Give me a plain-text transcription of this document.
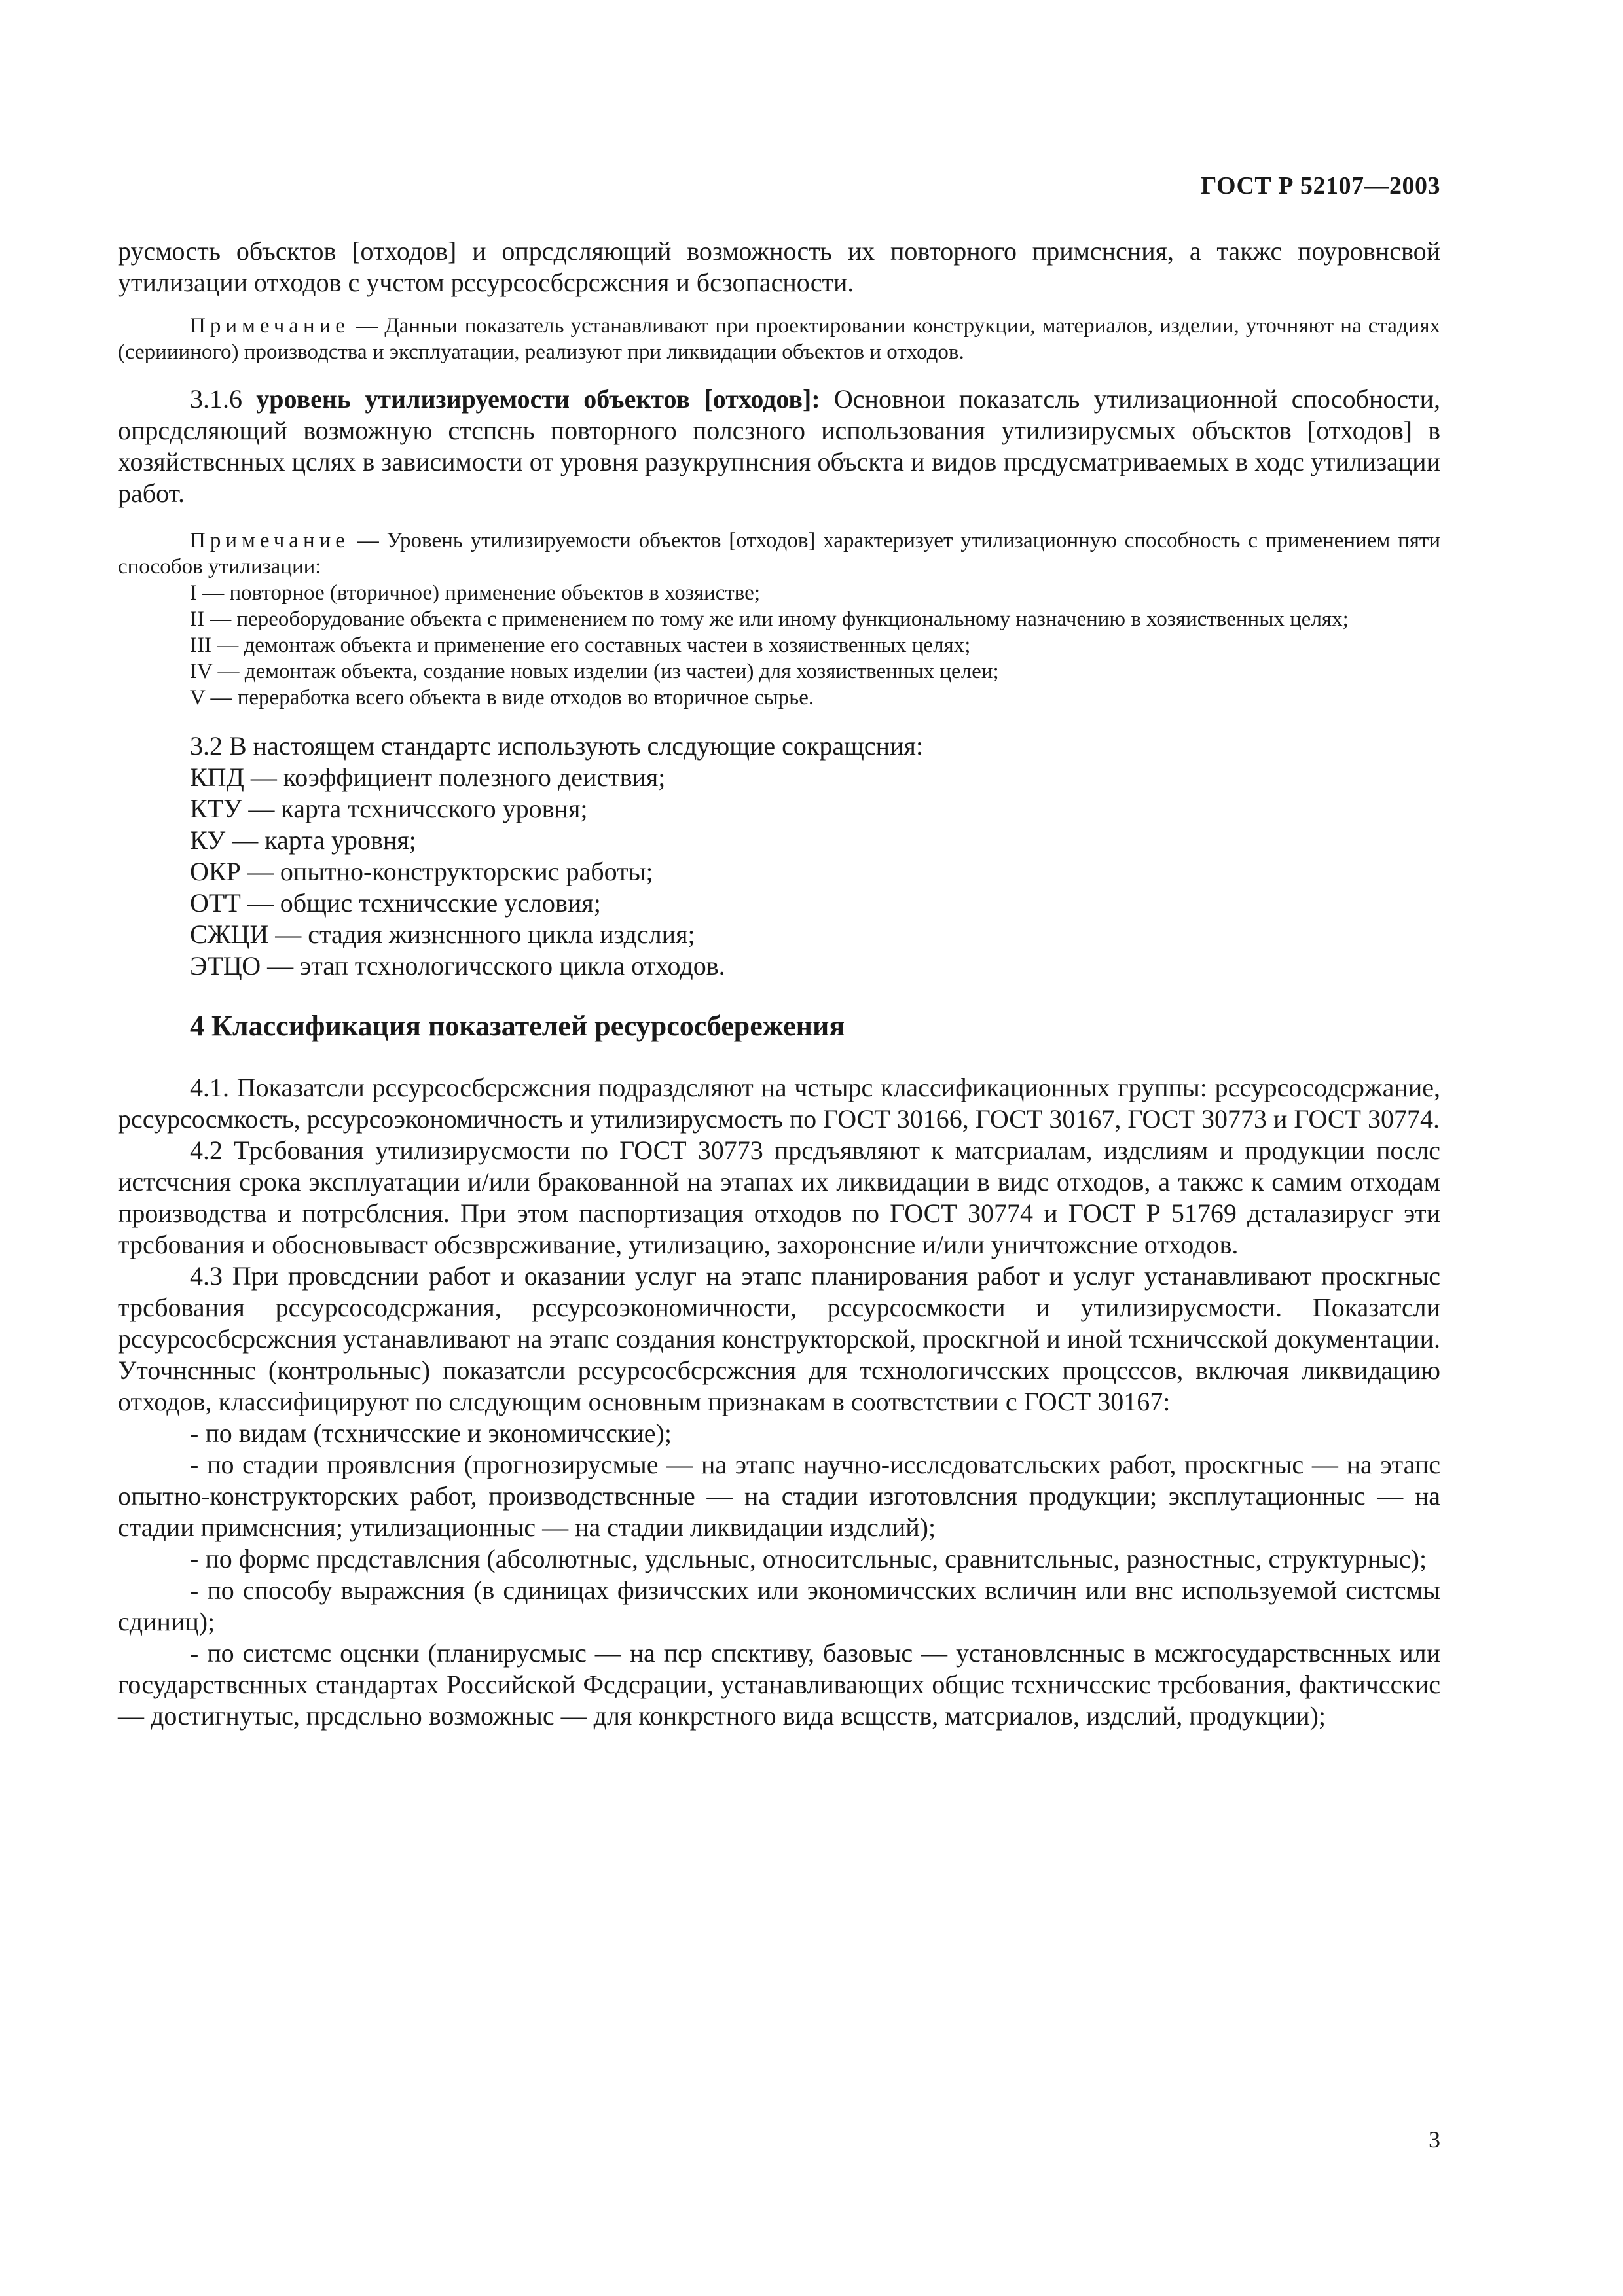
ГОСТ Р 52107—2003

русмость объсктов [отходов] и опрсдсляющий возможность их повторного примснсния, а такжс поуровнсвой утилизации отходов с учстом рссурсосбсрсжсния и бсзопасности.

Примечание — Данныи показатель устанавливают при проектировании конструкции, материалов, изделии, уточняют на стадиях (сериииного) производства и эксплуатации, реализуют при ликвидации объектов и отходов.

3.1.6 уровень утилизируемости объектов [отходов]: Основнои показатсль утилизационной способности, опрсдсляющий возможную стспснь повторного полсзного использования утилизирусмых объсктов [отходов] в хозяйствснных цслях в зависимости от уровня разукрупнсния объскта и видов прсдусматриваемых в ходс утилизации работ.

Примечание — Уровень утилизируемости объектов [отходов] характеризует утилизационную способность с применением пяти способов утилизации:

I — повторное (вторичное) применение объектов в хозяистве;

II — переоборудование объекта с применением по тому же или иному функциональному назначению в хозяиственных целях;

III — демонтаж объекта и применение его составных частеи в хозяиственных целях;

IV — демонтаж объекта, создание новых изделии (из частеи) для хозяиственных целеи;

V — переработка всего объекта в виде отходов во вторичное сырье.

3.2 В настоящем стандартс использують слсдующие сокращсния:

КПД — коэффициент полезного деиствия;

КТУ — карта тсхничсского уровня;

КУ — карта уровня;

ОКР — опытно-конструкторскис работы;

ОТТ — общис тсхничсские условия;

СЖЦИ — стадия жизнснного цикла издслия;

ЭТЦО — этап тсхнологичсского цикла отходов.

4 Классификация показателей ресурсосбережения

4.1. Показатсли рссурсосбсрсжсния подраздсляют на чстырс классификационных группы: рссурсосодсржание, рссурсосмкость, рссурсоэкономичность и утилизирусмость по ГОСТ 30166, ГОСТ 30167, ГОСТ 30773 и ГОСТ 30774.

4.2 Трсбования утилизирусмости по ГОСТ 30773 прсдъявляют к матсриалам, издслиям и продукции послс истсчсния срока эксплуатации и/или бракованной на этапах их ликвидации в видс отходов, а такжс к самим отходам производства и потрсблсния. При этом паспортизация отходов по ГОСТ 30774 и ГОСТ Р 51769 дсталазирусг эти трсбования и обосновываст обсзврсживание, утилизацию, захоронсние и/или уничтожсние отходов.

4.3 При провсдснии работ и оказании услуг на этапс планирования работ и услуг устанавливают проскгныс трсбования рссурсосодсржания, рссурсоэкономичности, рссурсосмкости и утилизирусмости. Показатсли рссурсосбсрсжсния устанавливают на этапс создания конструкторской, проскгной и иной тсхничсской документации. Уточнснныс (контрольныс) показатсли рссурсосбсрсжсния для тсхнологичсских процсссов, включая ликвидацию отходов, классифицируют по слсдующим основным признакам в соотвстствии с ГОСТ 30167:

- по видам (тсхничсские и экономичсские);

- по стадии проявлсния (прогнозирусмые — на этапс научно-исслсдоватсльских работ, проскгныс — на этапс опытно-конструкторских работ, производствснные — на стадии изготовлсния продукции; эксплутационныс — на стадии примснсния; утилизационныс — на стадии ликвидации издслий);

- по формс прсдставлсния (абсолютныс, удсльныс, относитсльныс, сравнитсльныс, разностныс, структурныс);

- по способу выражсния (в сдиницах физичсских или экономичсских всличин или внс используемой систсмы сдиниц);

- по систсмс оцснки (планирусмыс — на пср спсктиву, базовыс — установлснныс в мсжгосударствснных или государствснных стандартах Российской Фсдсрации, устанавливающих общис тсхничсскис трсбования, фактичсскис — достигнутыс, прсдсльно возможныс — для конкрстного вида всщсств, матсриалов, издслий, продукции);

3
